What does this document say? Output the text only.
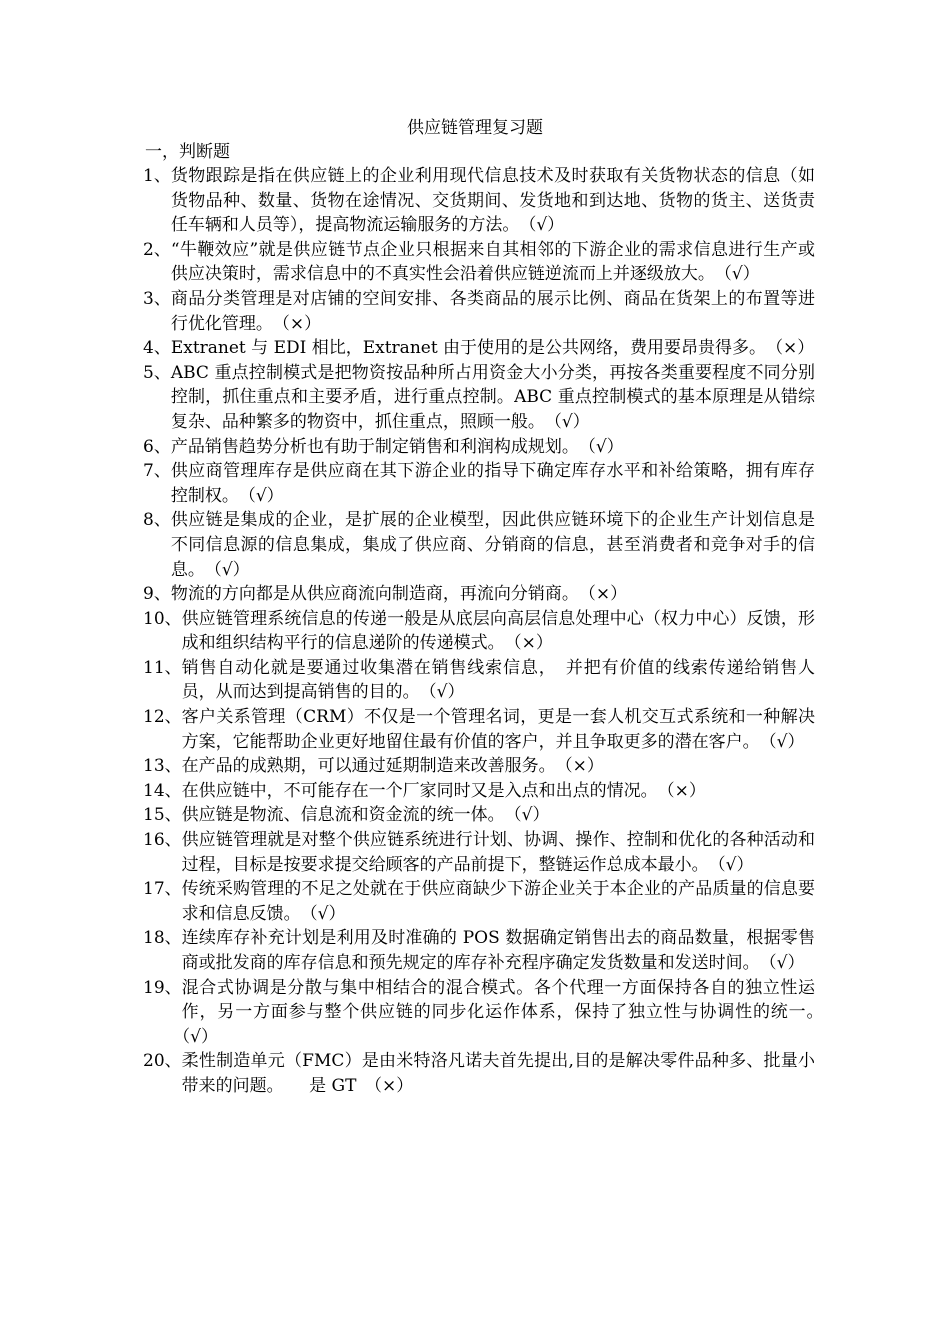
供应链管理复习题
一，判断题
1、 货物跟踪是指在供应链上的企业利用现代信息技术及时获取有关货物状态的信息（如货物品种、数量、货物在途情况、交货期间、发货地和到达地、货物的货主、送货责任车辆和人员等），提高物流运输服务的方法。　 （√）
2、 “牛鞭效应”就是供应链节点企业只根据来自其相邻的下游企业的需求信息进行生产或供应决策时，需求信息中的不真实性会沿着供应链逆流而上并逐级放大。　 （√）
3、 商品分类管理是对店铺的空间安排、各类商品的展示比例、商品在货架上的布置等进行优化管理。　 （×）
4、 Extranet 与 EDI 相比，Extranet 由于使用的是公共网络，费用要昂贵得多。　 （×）
5、 ABC 重点控制模式是把物资按品种所占用资金大小分类，再按各类重要程度不同分别控制，抓住重点和主要矛盾，进行重点控制。ABC 重点控制模式的基本原理是从错综复杂、品种繁多的物资中，抓住重点，照顾一般。　 （√）
6、 产品销售趋势分析也有助于制定销售和利润构成规划。　 （√）
7、 供应商管理库存是供应商在其下游企业的指导下确定库存水平和补给策略，拥有库存控制权。　 （√）
8、 供应链是集成的企业，是扩展的企业模型，因此供应链环境下的企业生产计划信息是不同信息源的信息集成，集成了供应商、分销商的信息，甚至消费者和竞争对手的信息。　 （√）
9、 物流的方向都是从供应商流向制造商，再流向分销商。　 （×）
10、 供应链管理系统信息的传递一般是从底层向高层信息处理中心（权力中心）反馈，形成和组织结构平行的信息递阶的传递模式。　 （×）
11、 销售自动化就是要通过收集潜在销售线索信息，　并把有价值的线索传递给销售人员，从而达到提高销售的目的。　 （√）
12、 客户关系管理（CRM）不仅是一个管理名词，更是一套人机交互式系统和一种解决方案，它能帮助企业更好地留住最有价值的客户，并且争取更多的潜在客户。　 （√）
13、 在产品的成熟期，可以通过延期制造来改善服务。　 （×）
14、 在供应链中，不可能存在一个厂家同时又是入点和出点的情况。　 （×）
15、 供应链是物流、信息流和资金流的统一体。　 （√）
16、 供应链管理就是对整个供应链系统进行计划、协调、操作、控制和优化的各种活动和过程，目标是按要求提交给顾客的产品前提下，整链运作总成本最小。　 （√）
17、 传统采购管理的不足之处就在于供应商缺少下游企业关于本企业的产品质量的信息要求和信息反馈。　 （√）
18、 连续库存补充计划是利用及时准确的 POS 数据确定销售出去的商品数量，根据零售商或批发商的库存信息和预先规定的库存补充程序确定发货数量和发送时间。　 （√）
19、 混合式协调是分散与集中相结合的混合模式。各个代理一方面保持各自的独立性运作，另一方面参与整个供应链的同步化运作体系，保持了独立性与协调性的统一。　（√）
20、 柔性制造单元（FMC）是由米特洛凡诺夫首先提出,目的是解决零件品种多、批量小带来的问题。　　是 GT　 （×）
